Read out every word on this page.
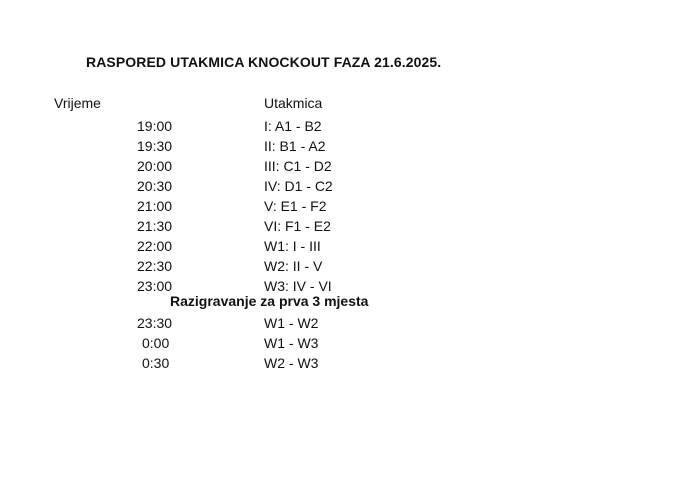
RASPORED UTAKMICA KNOCKOUT FAZA 21.6.2025.
Vrijeme	Utakmica
19:00	I: A1 - B2
19:30	II: B1 - A2
20:00	III: C1 - D2
20:30	IV: D1 - C2
21:00	V: E1 - F2
21:30	VI: F1 - E2
22:00	W1: I - III
22:30	W2: II - V
23:00	W3: IV - VI
Razigravanje za prva 3 mjesta
23:30	W1 - W2
0:00	W1 - W3
0:30	W2 - W3
